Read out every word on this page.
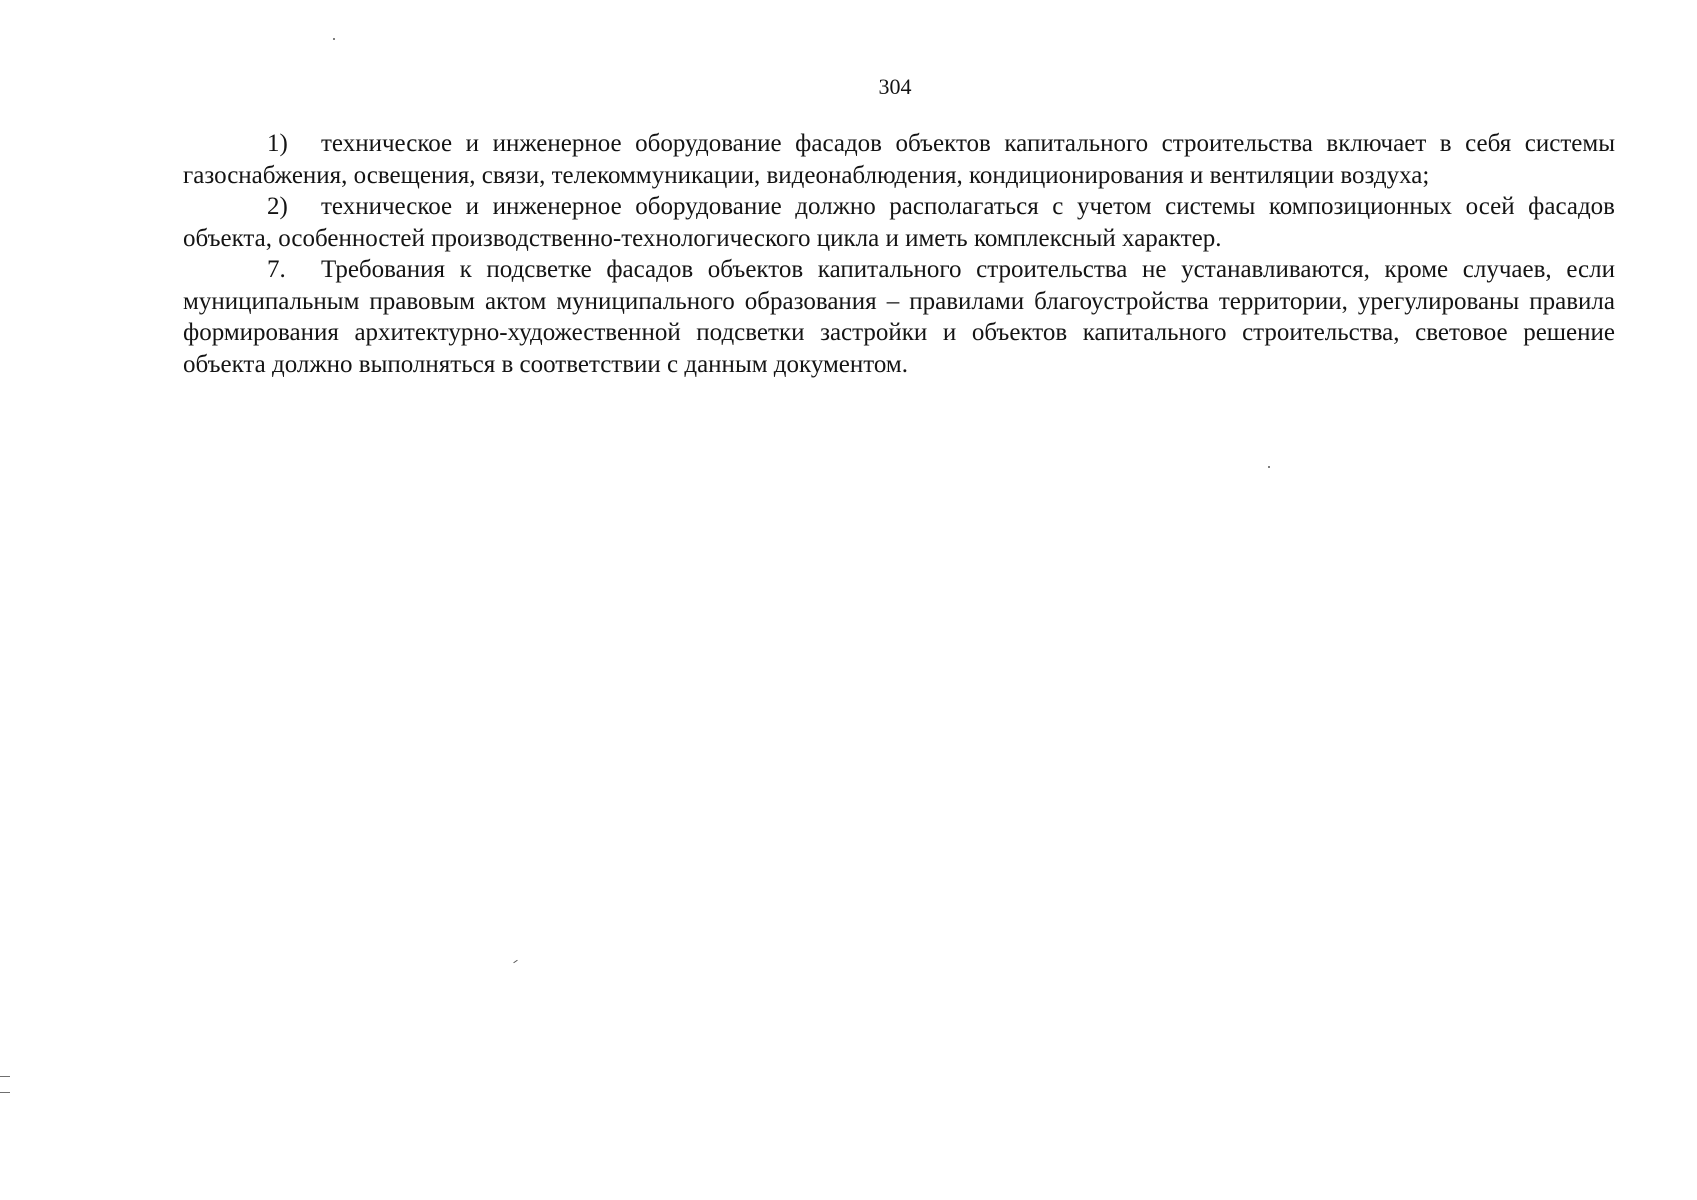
304

1) техническое и инженерное оборудование фасадов объектов капитального строительства включает в себя системы газоснабжения, освещения, связи, телекоммуникации, видеонаблюдения, кондиционирования и вентиляции воздуха;

2) техническое и инженерное оборудование должно располагаться с учетом системы композиционных осей фасадов объекта, особенностей производственно-технологического цикла и иметь комплексный характер.

7. Требования к подсветке фасадов объектов капитального строительства не устанавливаются, кроме случаев, если муниципальным правовым актом муниципального образования – правилами благоустройства территории, урегулированы правила формирования архитектурно-художественной подсветки застройки и объектов капитального строительства, световое решение объекта должно выполняться в соответствии с данным документом.
